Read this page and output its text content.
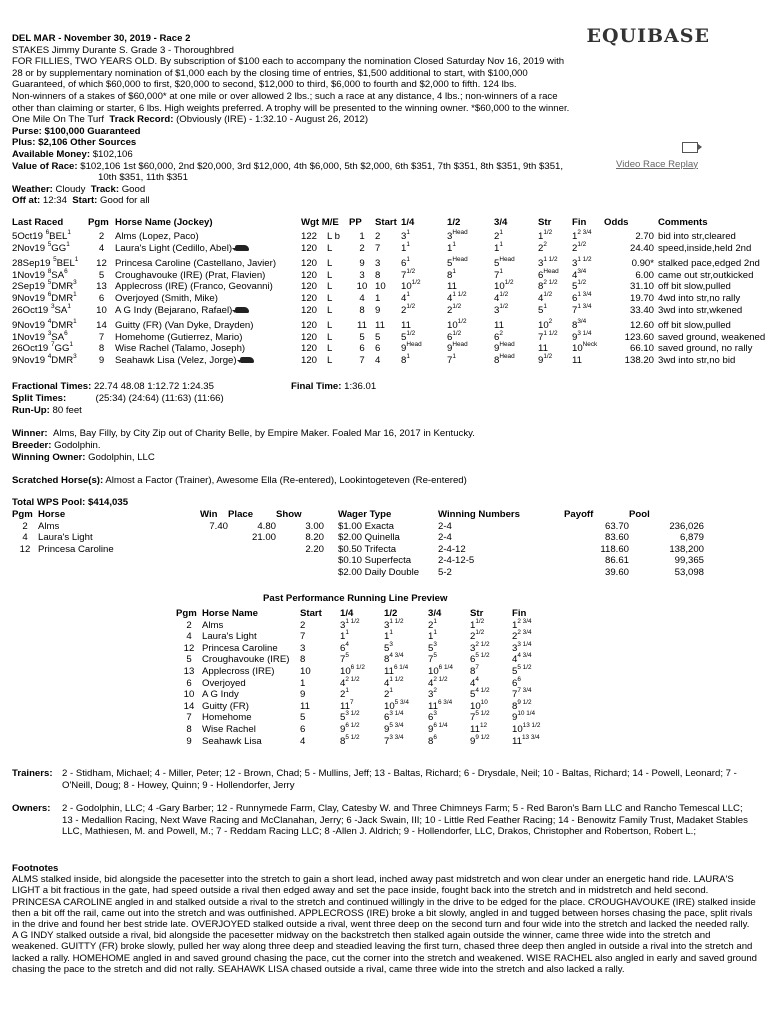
DEL MAR - November 30, 2019 - Race 2
STAKES Jimmy Durante S. Grade 3 - Thoroughbred
FOR FILLIES, TWO YEARS OLD. By subscription of $100 each to accompany the nomination Closed Saturday Nov 16, 2019 with
28 or by supplementary nomination of $1,000 each by the closing time of entries, $1,500 additional to start, with $100,000
Guaranteed, of which $60,000 to first, $20,000 to second, $12,000 to third, $6,000 to fourth and $2,000 to fifth. 124 lbs.
Non-winners of a stakes of $60,000* at one mile or over allowed 2 lbs.; such a race at any distance, 4 lbs.; non-winners of a race
other than claiming or starter, 6 lbs. High weights preferred. A trophy will be presented to the winning owner. *$60,000 to the winner.
One Mile On The Turf Track Record: (Obviously (IRE) - 1:32.10 - August 26, 2012)
Purse: $100,000 Guaranteed
Plus: $2,106 Other Sources
Available Money: $102,106
Value of Race: $102,106 1st $60,000, 2nd $20,000, 3rd $12,000, 4th $6,000, 5th $2,000, 6th $351, 7th $351, 8th $351, 9th $351,
10th $351, 11th $351
Weather: Cloudy Track: Good
Off at: 12:34 Start: Good for all
EQUIBASE
Video Race Replay
Last Raced	Pgm	Horse Name (Jockey)	Wgt M/E		PP	Start	1/4	1/2	3/4	Str	Fin	Odds	Comments
5Oct19 $^6$BEL$^1$	2	Alms (Lopez, Paco)	122	L b	1	2	$3^1$	$3^{Head}$	$2^1$	$1^{1/2}$	$1^{2 3/4}$	2.70	bid into str,cleared
2Nov19 $^5GG^1$	4	Laura's Light (Cedillo, Abel)	120	L	2	7	$1^1$	$1^1$	$1^1$	$2^2$	$2^{1/2}$	24.40	speed,inside,held 2nd

28Sep19 $^5$BEL$^1$	12	Princesa Caroline (Castellano, Javier)	120	L	9	3	$6^1$	$5^{Head}$	$5^{Head}$	$3^{1 1/2}$	$3^{1 1/2}$	0.90*	stalked pace,edged 2nd
1Nov19 $^8SA^6$	5	Croughavouke (IRE) (Prat, Flavien)	120	L	3	8	$7^{1/2}$	$8^1$	$7^1$	$6^{Head}$	$4^{3/4}$	6.00	came out str,outkicked
2Sep19 $^5$DMR$^3$	13	Applecross (IRE) (Franco, Geovanni)	120	L	10	10	$10^{1/2}$	11	$10^{1/2}$	$8^{2 1/2}$	$5^{1/2}$	31.10	off bit slow,pulled
9Nov19 $^6$DMR$^1$	6	Overjoyed (Smith, Mike)	120	L	4	1	$4^1$	$4^{1 1/2}$	$4^{1/2}$	$4^{1/2}$	$6^{1 3/4}$	19.70	4wd into str,no rally
26Oct19 $^3SA^1$	10	A G Indy (Bejarano, Rafael)	120	L	8	9	$2^{1/2}$	$2^{1/2}$	$3^{1/2}$	$5^1$	$7^{1 3/4}$	33.40	3wd into str,wkened

9Nov19 $^4$DMR$^1$	14	Guitty (FR) (Van Dyke, Drayden)	120	L	11	11	11	$10^{1/2}$	11	$10^2$	$8^{3/4}$	12.60	off bit slow,pulled
1Nov19 $^3SA^6$	7	Homehome (Gutierrez, Mario)	120	L	5	5	$5^{1/2}$	$6^{1/2}$	$6^2$	$7^{1 1/2}$	$9^{3 1/4}$	123.60	saved ground, weakened
26Oct19 $^7GG^1$	8	Wise Rachel (Talamo, Joseph)	120	L	6	6	$9^{Head}$	$9^{Head}$	$9^{Head}$	11	$10^{Neck}$	66.10	saved ground, no rally
9Nov19 $^4$DMR$^3$	9	Seahawk Lisa (Velez, Jorge)	120	L	7	4	$8^1$	$7^1$	$8^{Head}$	$9^{1/2}$	11	138.20	3wd into str,no bid
Fractional Times: 22.74 48.08 1:12.72 1:24.35	Final Time: 1:36.01
Split Times:	(25:34) (24:64) (11:63) (11:66)
Run-Up: 80 feet
Winner: Alms, Bay Filly, by City Zip out of Charity Belle, by Empire Maker. Foaled Mar 16, 2017 in Kentucky.
Breeder: Godolphin.
Winning Owner: Godolphin, LLC
Scratched Horse(s): Almost a Factor (Trainer), Awesome Ella (Re-entered), Lookintogeteven (Re-entered)
Total WPS Pool: $414,035
Pgm	Horse		Win	Place	Show		Wager Type	Winning Numbers		Payoff	Pool
2	Alms		7.40	4.80	3.00		$1.00 Exacta	2-4		63.70	236,026
4	Laura's Light			21.00	8.20		$2.00 Quinella	2-4		83.60	6,879
12	Princesa Caroline				2.20		$0.50 Trifecta	2-4-12		118.60	138,200
							$0.10 Superfecta	2-4-12-5		86.61	99,365
							$2.00 Daily Double	5-2		39.60	53,098
Past Performance Running Line Preview
Pgm	Horse Name	Start	1/4	1/2	3/4	Str	Fin
2	Alms	2	$3^{1 1/2}$	$3^{1 1/2}$	$2^1$	$1^{1/2}$	$1^{2 3/4}$
4	Laura's Light	7	$1^1$	$1^1$	$1^1$	$2^{1/2}$	$2^{2 3/4}$
12	Princesa Caroline	3	$6^4$	$5^3$	$5^3$	$3^{2 1/2}$	$3^{3 1/4}$
5	Croughavouke (IRE)	8	$7^5$	$8^{4 3/4}$	$7^5$	$6^{5 1/2}$	$4^{4 3/4}$
13	Applecross (IRE)	10	$10^{6 1/2}$	$11^{6 1/4}$	$10^{6 1/4}$	$8^7$	$5^{5 1/2}$
6	Overjoyed	1	$4^{2 1/2}$	$4^{1 1/2}$	$4^{2 1/2}$	$4^4$	$6^6$
10	A G Indy	9	$2^1$	$2^1$	$3^2$	$5^{4 1/2}$	$7^{7 3/4}$
14	Guitty (FR)	11	$11^7$	$10^{5 3/4}$	$11^{6 3/4}$	$10^{10}$	$8^{9 1/2}$
7	Homehome	5	$5^{3 1/2}$	$6^{3 1/4}$	$6^3$	$7^{5 1/2}$	$9^{10 1/4}$
8	Wise Rachel	6	$9^{6 1/2}$	$9^{5 3/4}$	$9^{6 1/4}$	$11^{12}$	$10^{13 1/2}$
9	Seahawk Lisa	4	$8^{5 1/2}$	$7^{3 3/4}$	$8^6$	$9^{9 1/2}$	$11^{13 3/4}$
Trainers: 2 - Stidham, Michael; 4 - Miller, Peter; 12 - Brown, Chad; 5 - Mullins, Jeff; 13 - Baltas, Richard; 6 - Drysdale, Neil; 10 - Baltas, Richard; 14 - Powell, Leonard; 7 - O'Neill, Doug; 8 - Howey, Quinn; 9 - Hollendorfer, Jerry
Owners:	2 - Godolphin, LLC; 4 -Gary Barber; 12 - Runnymede Farm, Clay, Catesby W. and Three Chimneys Farm; 5 - Red Baron's Barn LLC and Rancho Temescal LLC; 13 - Medallion Racing, Next Wave Racing and McClanahan, Jerry; 6 -Jack Swain, III; 10 - Little Red Feather Racing; 14 - Benowitz Family Trust, Madaket Stables LLC, Mathiesen, M. and Powell, M.; 7 - Reddam Racing LLC; 8 -Allen J. Aldrich; 9 - Hollendorfer, LLC, Drakos, Christopher and Robertson, Robert L.;
Footnotes
ALMS stalked inside, bid alongside the pacesetter into the stretch to gain a short lead, inched away past midstretch and won clear under an energetic hand ride. LAURA'S LIGHT a bit fractious in the gate, had speed outside a rival then edged away and set the pace inside, fought back into the stretch and in midstretch and held second. PRINCESA CAROLINE angled in and stalked outside a rival to the stretch and continued willingly in the drive to be edged for the place. CROUGHAVOUKE (IRE) stalked inside then a bit off the rail, came out into the stretch and was outfinished. APPLECROSS (IRE) broke a bit slowly, angled in and tugged between horses chasing the pace, split rivals in the drive and found her best stride late. OVERJOYED stalked outside a rival, went three deep on the second turn and four wide into the stretch and lacked the needed rally. A G INDY stalked outside a rival, bid alongside the pacesetter midway on the backstretch then stalked again outside the winner, came three wide into the stretch and weakened. GUITTY (FR) broke slowly, pulled her way along three deep and steadied leaving the first turn, chased three deep then angled in outside a rival into the stretch and lacked a rally. HOMEHOME angled in and saved ground chasing the pace, cut the corner into the stretch and weakened. WISE RACHEL also angled in early and saved ground chasing the pace to the stretch and did not rally. SEAHAWK LISA chased outside a rival, came three wide into the stretch and also lacked a rally.
